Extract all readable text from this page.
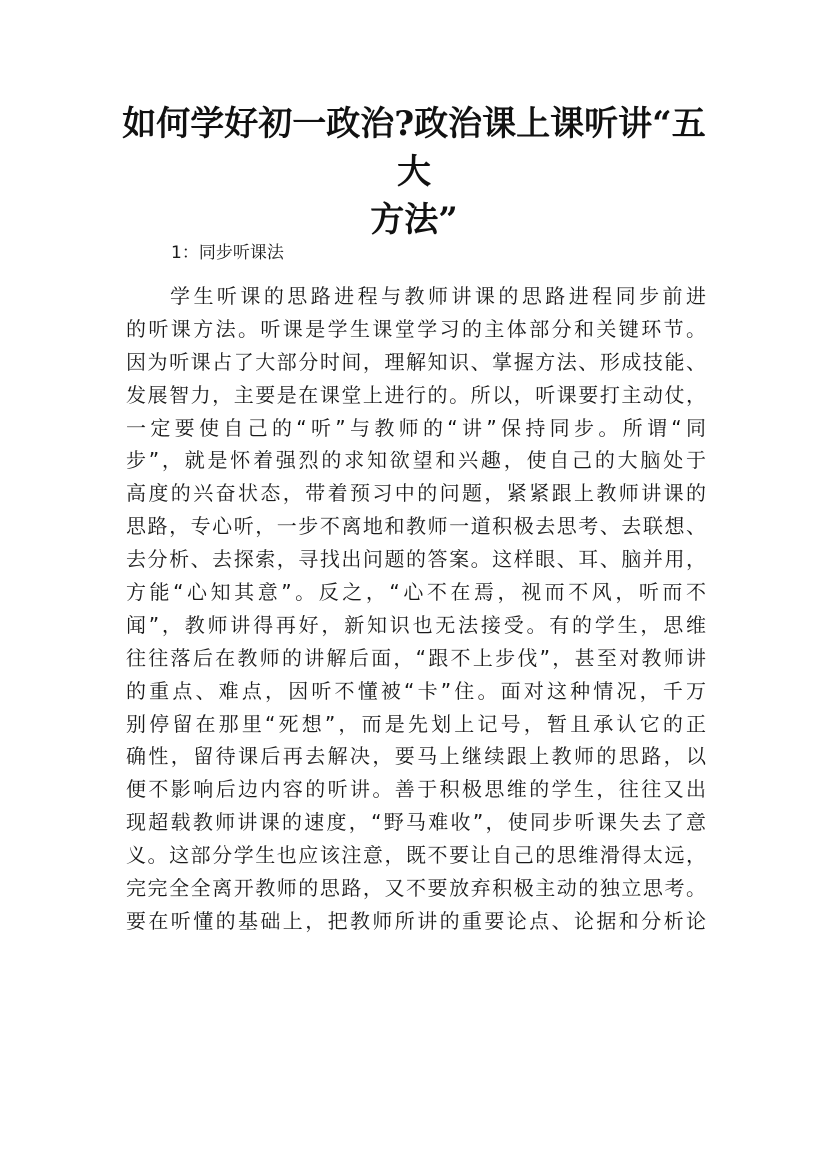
如何学好初一政治?政治课上课听讲“五大
方法”

1：同步听课法

学生听课的思路进程与教师讲课的思路进程同步前进
的听课方法。听课是学生课堂学习的主体部分和关键环节。
因为听课占了大部分时间，理解知识、掌握方法、形成技能、
发展智力，主要是在课堂上进行的。所以，听课要打主动仗，
一定要使自己的“听”与教师的“讲”保持同步。所谓“同
步”，就是怀着强烈的求知欲望和兴趣，使自己的大脑处于
高度的兴奋状态，带着预习中的问题，紧紧跟上教师讲课的
思路，专心听，一步不离地和教师一道积极去思考、去联想、
去分析、去探索，寻找出问题的答案。这样眼、耳、脑并用，
方能“心知其意”。反之，“心不在焉，视而不风，听而不
闻”，教师讲得再好，新知识也无法接受。有的学生，思维
往往落后在教师的讲解后面，“跟不上步伐”，甚至对教师讲
的重点、难点，因听不懂被“卡”住。面对这种情况，千万
别停留在那里“死想”，而是先划上记号，暂且承认它的正
确性，留待课后再去解决，要马上继续跟上教师的思路，以
便不影响后边内容的听讲。善于积极思维的学生，往往又出
现超载教师讲课的速度，“野马难收”，使同步听课失去了意
义。这部分学生也应该注意，既不要让自己的思维滑得太远，
完完全全离开教师的思路，又不要放弃积极主动的独立思考。
要在听懂的基础上，把教师所讲的重要论点、论据和分析论
